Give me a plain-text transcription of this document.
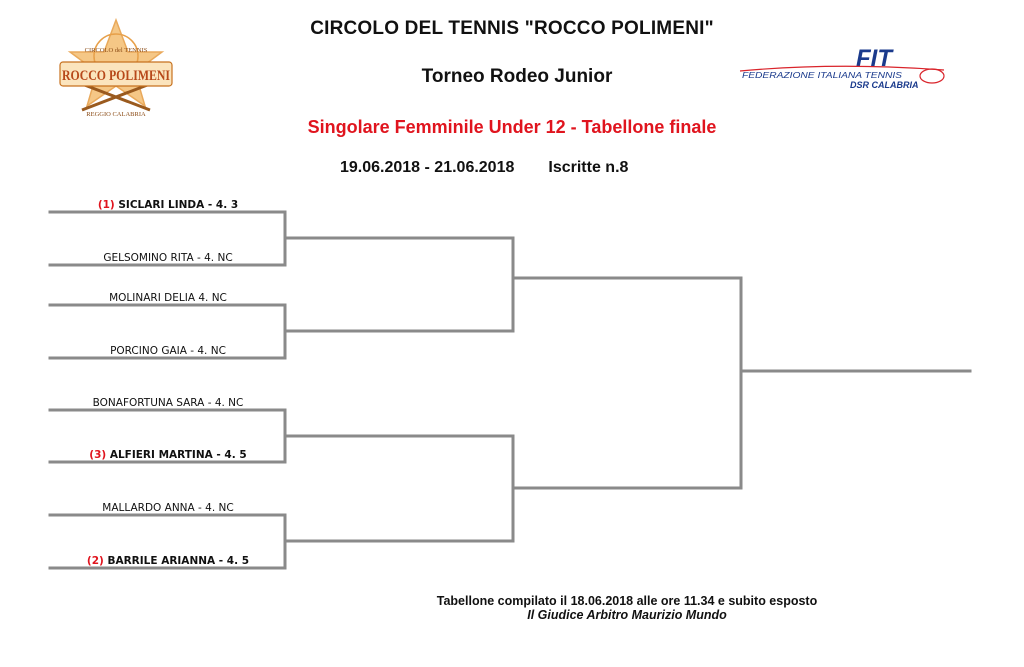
CIRCOLO DEL TENNIS "ROCCO POLIMENI"
Torneo Rodeo Junior
Singolare Femminile Under 12 - Tabellone finale
19.06.2018 - 21.06.2018 Iscritte n.8
CIRCOLO del TENNIS
ROCCO POLIMENI
REGGIO CALABRIA
FIT
FEDERAZIONE ITALIANA TENNIS
DSR CALABRIA
(1) SICLARI LINDA - 4. 3
GELSOMINO RITA - 4. NC
MOLINARI DELIA 4. NC
PORCINO GAIA - 4. NC
BONAFORTUNA SARA - 4. NC
(3) ALFIERI MARTINA - 4. 5
MALLARDO ANNA - 4. NC
(2) BARRILE ARIANNA - 4. 5
Tabellone compilato il 18.06.2018 alle ore 11.34 e subito esposto
Il Giudice Arbitro Maurizio Mundo
